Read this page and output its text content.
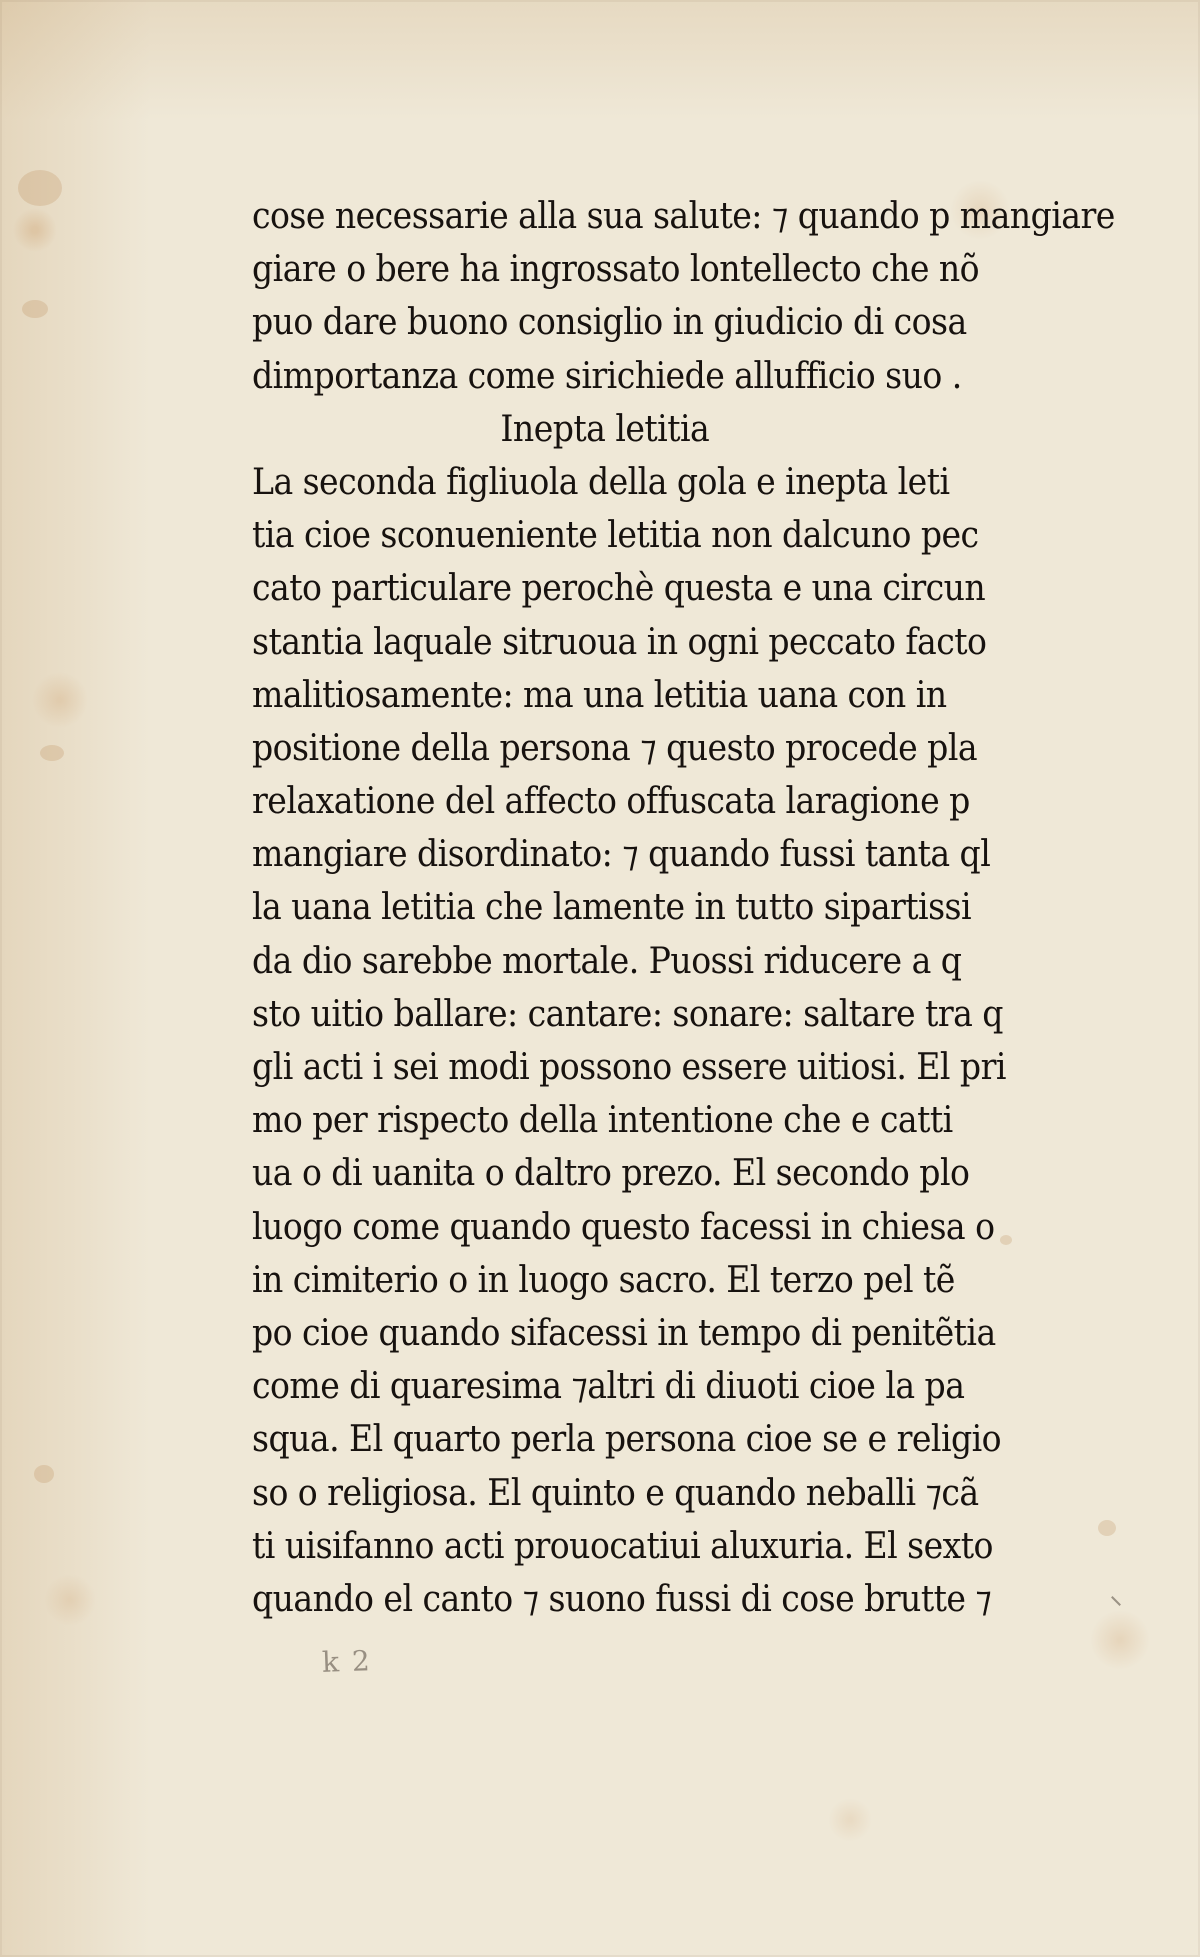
cose necessarie alla sua salute: ⁊ quando p mangiare
giare o bere ha ingrossato lontellecto che nõ
puo dare buono consiglio in giudicio di cosa
dimportanza come sirichiede allufficio suo .
Inepta letitia
La seconda figliuola della gola e inepta leti
tia cioe sconueniente letitia non dalcuno pec
cato particulare perochè questa e una circun
stantia laquale sitruoua in ogni peccato facto
malitiosamente: ma una letitia uana con in
positione della persona ⁊ questo procede pla
relaxatione del affecto offuscata laragione p
mangiare disordinato: ⁊ quando fussi tanta ql
la uana letitia che lamente in tutto sipartissi
da dio sarebbe mortale. Puossi riducere a q
sto uitio ballare: cantare: sonare: saltare tra q
gli acti i sei modi possono essere uitiosi. El pri
mo per rispecto della intentione che e catti
ua o di uanita o daltro prezo. El secondo plo
luogo come quando questo facessi in chiesa o
in cimiterio o in luogo sacro. El terzo pel tẽ
po cioe quando sifacessi in tempo di penitẽtia
come di quaresima ⁊altri di diuoti cioe la pa
squa. El quarto perla persona cioe se e religio
so o religiosa. El quinto e quando neballi ⁊cã
ti uisifanno acti prouocatiui aluxuria. El sexto
quando el canto ⁊ suono fussi di cose brutte ⁊
k 2
